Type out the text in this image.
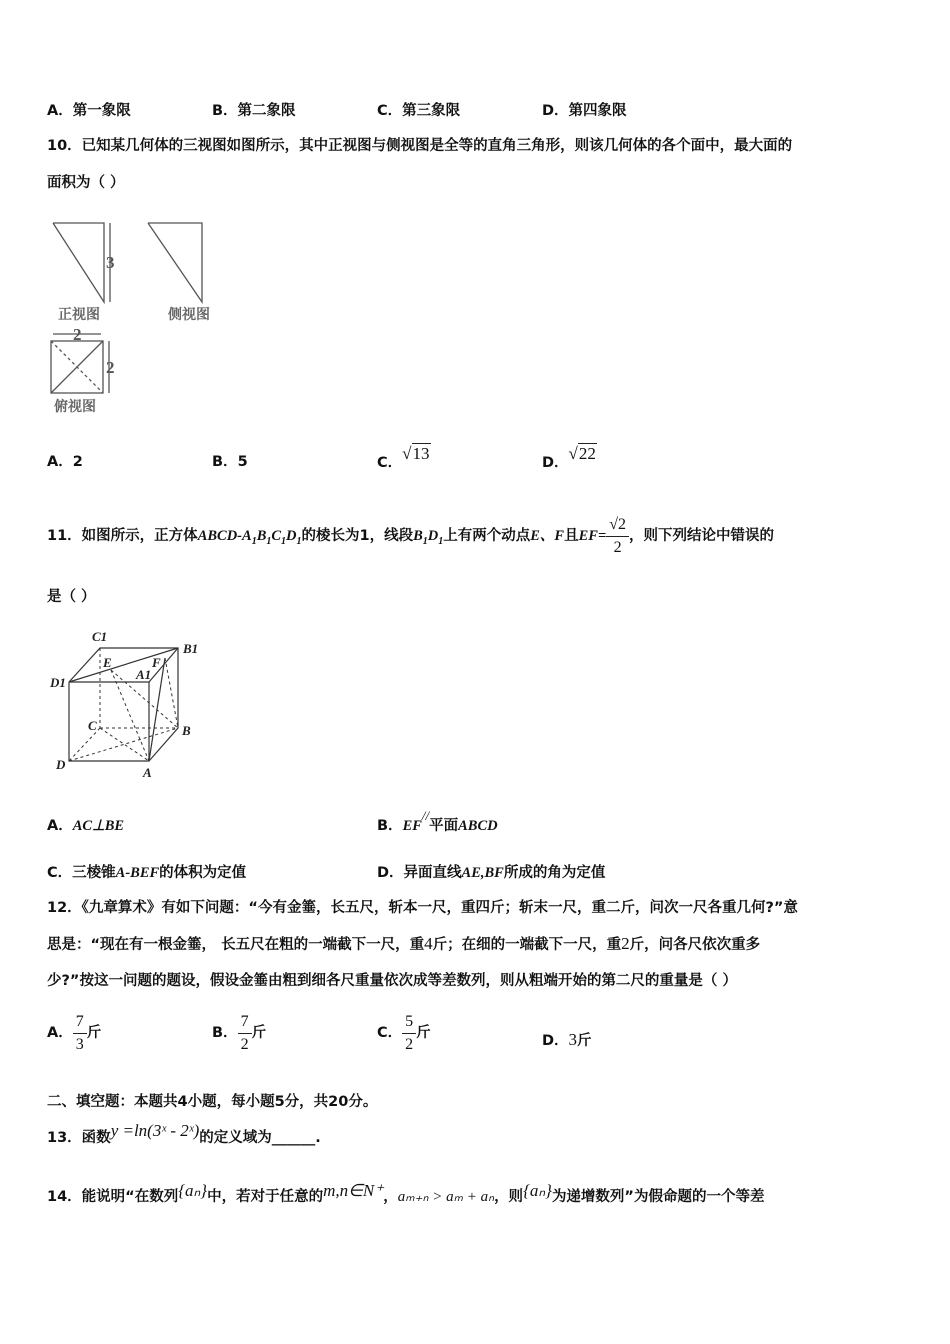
A．第一象限	B．第二象限	C．第三象限	D．第四象限
10．已知某几何体的三视图如图所示，其中正视图与侧视图是全等的直角三角形，则该几何体的各个面中，最大面的
面积为（ ）
3
2
2
正视图	侧视图
俯视图
A．2	B．5	C．√13	D．√22
11．如图所示，正方体ABCD-$A_1B_1C_1D_1$的棱长为1，线段$B_1D_1$上有两个动点E、F且$EF= \frac{√2}{2}$ ，则下列结论中错误的
是（ ）
C1
B1
E	F
A1
D1
C	B
D
A
A．AC⊥BE	B．EF//平面ABCD
C．三棱锥A-BEF的体积为定值	D．异面直线AE,BF所成的角为定值
12．《九章算术》有如下问题：“今有金箠，长五尺，斩本一尺，重四斤；斩末一尺，重二斤，问次一尺各重几何?”意
思是：“现在有一根金箠， 长五尺在粗的一端截下一尺，重4斤；在细的一端截下一尺，重2斤，问各尺依次重多
少?”按这一问题的题设，假设金箠由粗到细各尺重量依次成等差数列，则从粗端开始的第二尺的重量是（ ）
A． $\frac{7}{3}$ 斤	B． $\frac{7}{2}$ 斤	C． $\frac{5}{2}$ 斤	D．3斤
二、填空题：本题共4小题，每小题5分，共20分。
13．函数y =ln(3ˣ - 2ˣ)的定义域为______.
14．能说明“在数列{aₙ}中，若对于任意的m,n∈N⁺，aₘ₊ₙ > aₘ + aₙ，则{aₙ}为递增数列”为假命题的一个等差
